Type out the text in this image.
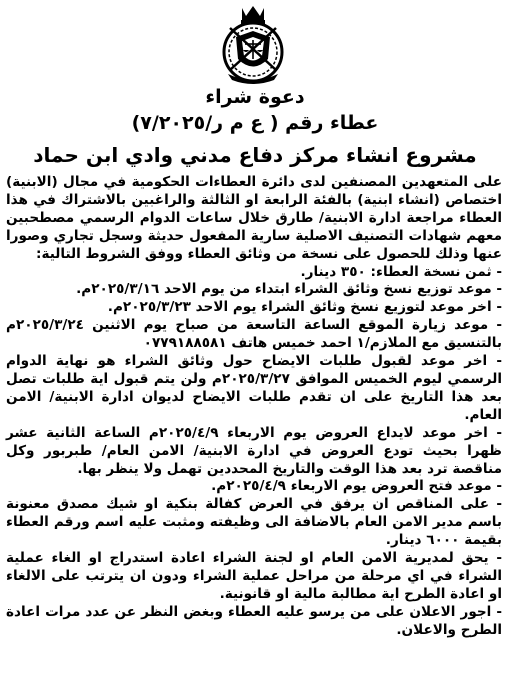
دعوة شراء
عطاء رقم ( ع م ر/٧/٢٠٢٥)
مشروع انشاء مركز دفاع مدني وادي ابن حماد

على المتعهدين المصنفين لدى دائرة العطاءات الحكومية في مجال (الابنية) اختصاص (انشاء ابنية) بالفئة الرابعة او الثالثة والراغبين بالاشتراك في هذا العطاء مراجعة ادارة الابنية/ طارق خلال ساعات الدوام الرسمي مصطحبين معهم شهادات التصنيف الاصلية سارية المفعول حديثة وسجل تجاري وصورا عنها وذلك للحصول على نسخة من وثائق العطاء ووفق الشروط التالية:

- ثمن نسخة العطاء: ٣٥٠ دينار.

- موعد توزيع نسخ وثائق الشراء ابتداء من يوم الاحد ٢٠٢٥/٣/١٦م.

- اخر موعد لتوزيع نسخ وثائق الشراء يوم الاحد ٢٠٢٥/٣/٢٣م.

- موعد زيارة الموقع الساعة التاسعة من صباح يوم الاثنين ٢٠٢٥/٣/٢٤م بالتنسيق مع الملازم/١ احمد خميس هاتف ٠٧٧٩١٨٨٥٨١

- اخر موعد لقبول طلبات الايضاح حول وثائق الشراء هو نهاية الدوام الرسمي ليوم الخميس الموافق ٢٠٢٥/٣/٢٧م ولن يتم قبول اية طلبات تصل بعد هذا التاريخ على ان تقدم طلبات الايضاح لديوان ادارة الابنية/ الامن العام.

- اخر موعد لايداع العروض يوم الاربعاء ٢٠٢٥/٤/٩م الساعة الثانية عشر ظهرا بحيث تودع العروض في ادارة الابنية/ الامن العام/ طبربور وكل مناقصة ترد بعد هذا الوقت والتاريخ المحددين تهمل ولا ينظر بها.

- موعد فتح العروض يوم الاربعاء ٢٠٢٥/٤/٩م.

- على المناقص ان يرفق في العرض كفالة بنكية او شيك مصدق معنونة باسم مدير الامن العام بالاضافة الى وظيفته ومثبت عليه اسم ورقم العطاء بقيمة ٦٠٠٠ دينار.

- يحق لمديرية الامن العام او لجنة الشراء اعادة استدراج او الغاء عملية الشراء في اي مرحلة من مراحل عملية الشراء ودون ان يترتب على الالغاء او اعادة الطرح اية مطالبة مالية او قانونية.

- اجور الاعلان على من يرسو عليه العطاء وبغض النظر عن عدد مرات اعادة الطرح والاعلان.
